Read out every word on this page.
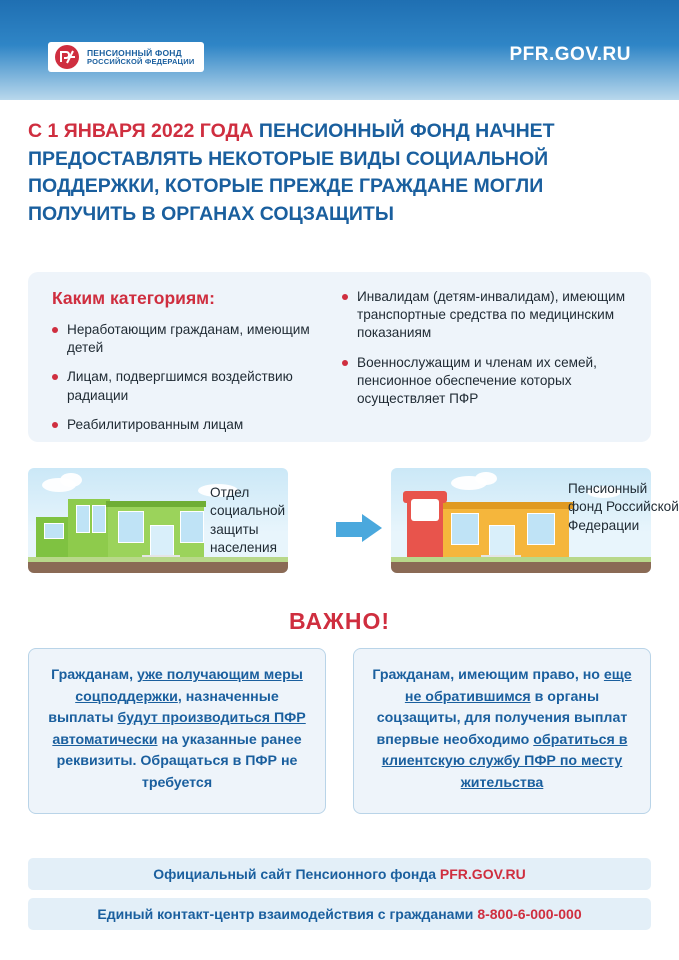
ПЕНСИОННЫЙ ФОНД
РОССИЙСКОЙ ФЕДЕРАЦИИ	PFR.GOV.RU
С 1 ЯНВАРЯ 2022 ГОДА ПЕНСИОННЫЙ ФОНД НАЧНЕТ ПРЕДОСТАВЛЯТЬ НЕКОТОРЫЕ ВИДЫ СОЦИАЛЬНОЙ ПОДДЕРЖКИ, КОТОРЫЕ ПРЕЖДЕ ГРАЖДАНЕ МОГЛИ ПОЛУЧИТЬ В ОРГАНАХ СОЦЗАЩИТЫ
Каким категориям:
Неработающим гражданам, имеющим детей
Лицам, подвергшимся воздействию радиации
Реабилитированным лицам
Инвалидам (детям-инвалидам), имеющим транспортные средства по медицинским показаниям
Военнослужащим и членам их семей, пенсионное обеспечение которых осуществляет ПФР
Отдел социальной защиты населения
Пенсионный фонд Российской Федерации
ВАЖНО!
Гражданам, уже получающим меры соцподдержки, назначенные выплаты будут производиться ПФР автоматически на указанные ранее реквизиты. Обращаться в ПФР не требуется
Гражданам, имеющим право, но еще не обратившимся в органы соцзащиты, для получения выплат впервые необходимо обратиться в клиентскую службу ПФР по месту жительства
Официальный сайт Пенсионного фонда PFR.GOV.RU
Единый контакт-центр взаимодействия с гражданами 8-800-6-000-000
